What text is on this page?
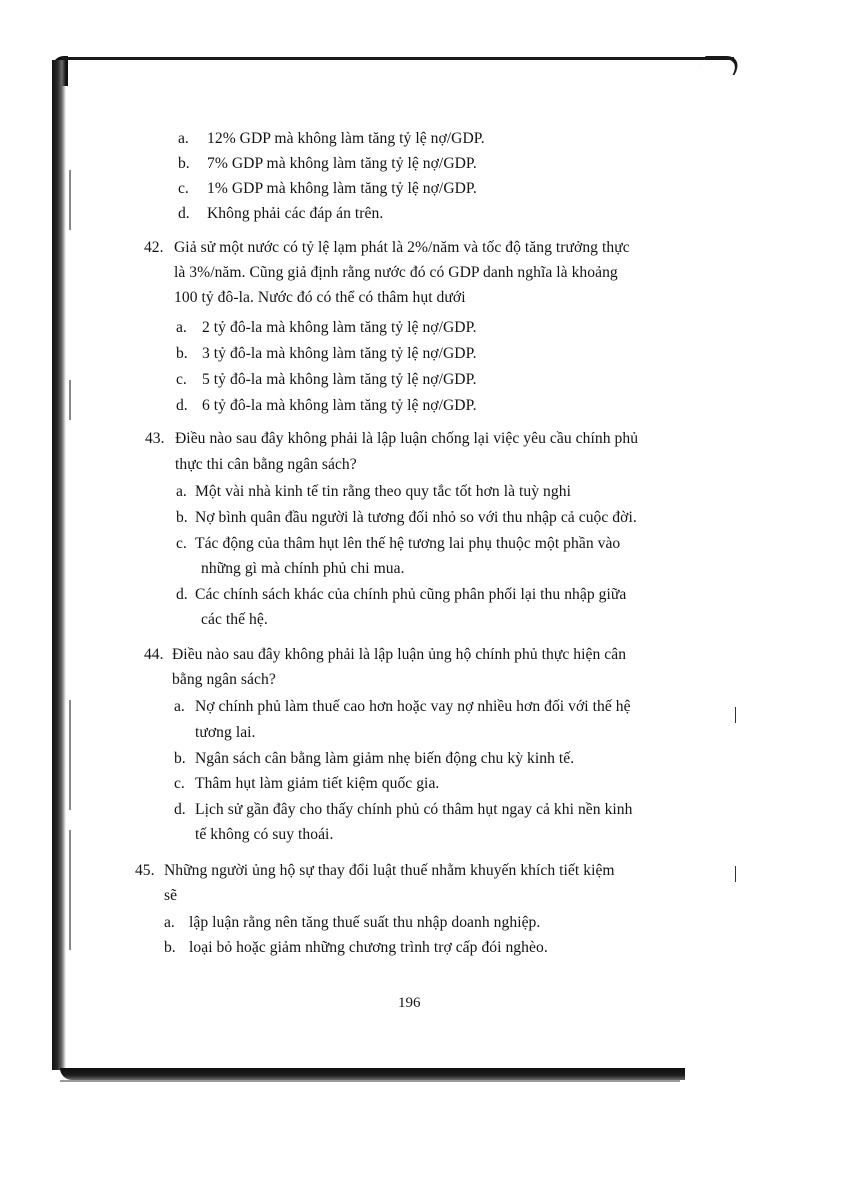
a. 12% GDP mà không làm tăng tỷ lệ nợ/GDP.
b. 7% GDP mà không làm tăng tỷ lệ nợ/GDP.
c. 1% GDP mà không làm tăng tỷ lệ nợ/GDP.
d. Không phải các đáp án trên.
42. Giả sử một nước có tỷ lệ lạm phát là 2%/năm và tốc độ tăng trưởng thực
là 3%/năm. Cũng giả định rằng nước đó có GDP danh nghĩa là khoảng
100 tỷ đô-la. Nước đó có thể có thâm hụt dưới
a. 2 tỷ đô-la mà không làm tăng tỷ lệ nợ/GDP.
b. 3 tỷ đô-la mà không làm tăng tỷ lệ nợ/GDP.
c. 5 tỷ đô-la mà không làm tăng tỷ lệ nợ/GDP.
d. 6 tỷ đô-la mà không làm tăng tỷ lệ nợ/GDP.
43. Điều nào sau đây không phải là lập luận chống lại việc yêu cầu chính phủ
thực thi cân bằng ngân sách?
a. Một vài nhà kinh tế tin rằng theo quy tắc tốt hơn là tuỳ nghi
b. Nợ bình quân đầu người là tương đối nhỏ so với thu nhập cả cuộc đời.
c. Tác động của thâm hụt lên thế hệ tương lai phụ thuộc một phần vào
những gì mà chính phủ chi mua.
d. Các chính sách khác của chính phủ cũng phân phối lại thu nhập giữa
các thế hệ.
44. Điều nào sau đây không phải là lập luận ủng hộ chính phủ thực hiện cân
bằng ngân sách?
a. Nợ chính phủ làm thuế cao hơn hoặc vay nợ nhiều hơn đối với thế hệ
tương lai.
b. Ngân sách cân bằng làm giảm nhẹ biến động chu kỳ kinh tế.
c. Thâm hụt làm giảm tiết kiệm quốc gia.
d. Lịch sử gần đây cho thấy chính phủ có thâm hụt ngay cả khi nền kinh
tế không có suy thoái.
45. Những người ủng hộ sự thay đổi luật thuế nhằm khuyến khích tiết kiệm
sẽ
a. lập luận rằng nên tăng thuế suất thu nhập doanh nghiệp.
b. loại bỏ hoặc giảm những chương trình trợ cấp đói nghèo.
196
